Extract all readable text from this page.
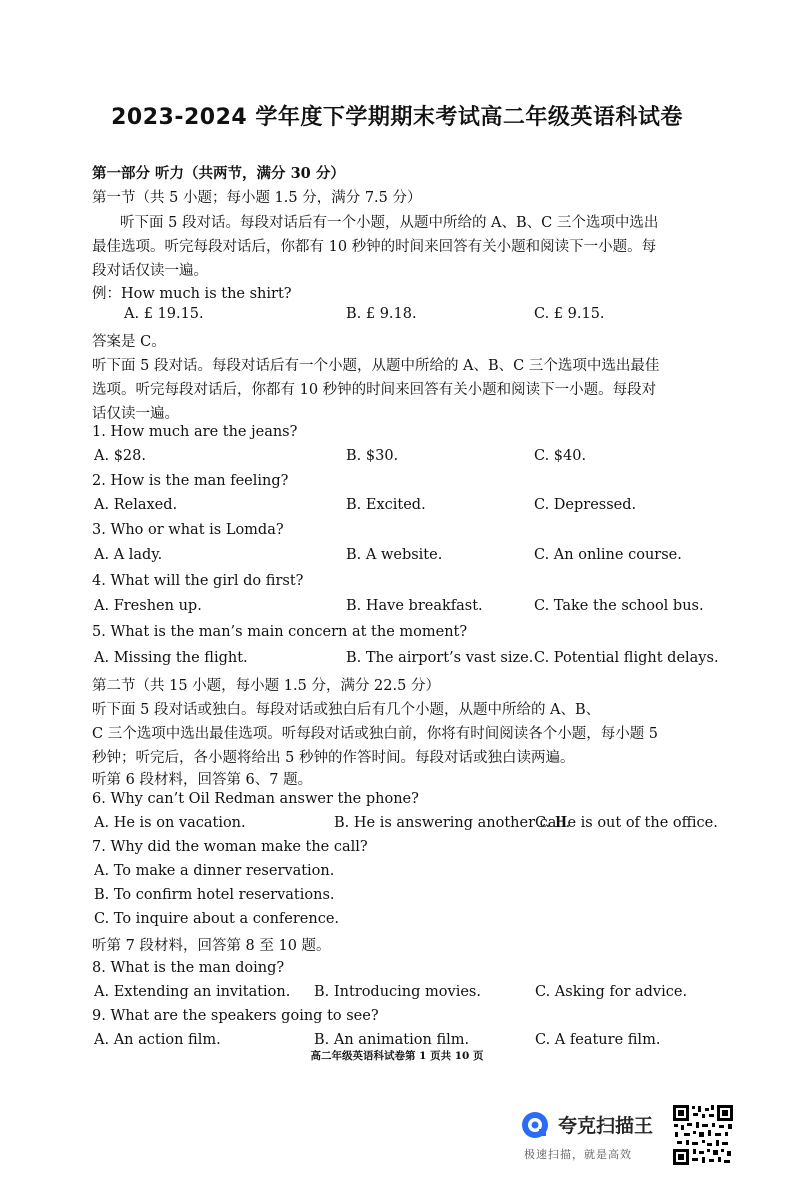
2023-2024 学年度下学期期末考试高二年级英语科试卷
第一部分 听力（共两节，满分 30 分）
第一节（共 5 小题；每小题 1.5 分，满分 7.5 分）
听下面 5 段对话。每段对话后有一个小题，从题中所给的 A、B、C 三个选项中选出
最佳选项。听完每段对话后，你都有 10 秒钟的时间来回答有关小题和阅读下一小题。每
段对话仅读一遍。
例：How much is the shirt?
A. £ 19.15.	B. £ 9.18.	C. £ 9.15.
答案是 C。
听下面 5 段对话。每段对话后有一个小题，从题中所给的 A、B、C 三个选项中选出最佳
选项。听完每段对话后，你都有 10 秒钟的时间来回答有关小题和阅读下一小题。每段对
话仅读一遍。
1. How much are the jeans?
A. $28.	B. $30.	C. $40.
2. How is the man feeling?
A. Relaxed.	B. Excited.	C. Depressed.
3. Who or what is Lomda?
A. A lady.	B. A website.	C. An online course.
4. What will the girl do first?
A. Freshen up.	B. Have breakfast.	C. Take the school bus.
5. What is the man’s main concern at the moment?
A. Missing the flight.	B. The airport’s vast size. C. Potential flight delays.
第二节（共 15 小题，每小题 1.5 分，满分 22.5 分）
听下面 5 段对话或独白。每段对话或独白后有几个小题，从题中所给的 A、B、
C 三个选项中选出最佳选项。听每段对话或独白前，你将有时间阅读各个小题，每小题 5
秒钟；听完后，各小题将给出 5 秒钟的作答时间。每段对话或独白读两遍。
听第 6 段材料，回答第 6、7 题。
6. Why can’t Oil Redman answer the phone?
A. He is on vacation.	B. He is answering another call.
C. He is out of the office.
7. Why did the woman make the call?
A. To make a dinner reservation.
B. To confirm hotel reservations.
C. To inquire about a conference.
听第 7 段材料，回答第 8 至 10 题。
8. What is the man doing?
A. Extending an invitation. B. Introducing movies.	C. Asking for advice.
9. What are the speakers going to see?
A. An action film.	B. An animation film.	C. A feature film.
高二年级英语科试卷第 1 页共 10 页
夸克扫描王
极速扫描，就是高效
